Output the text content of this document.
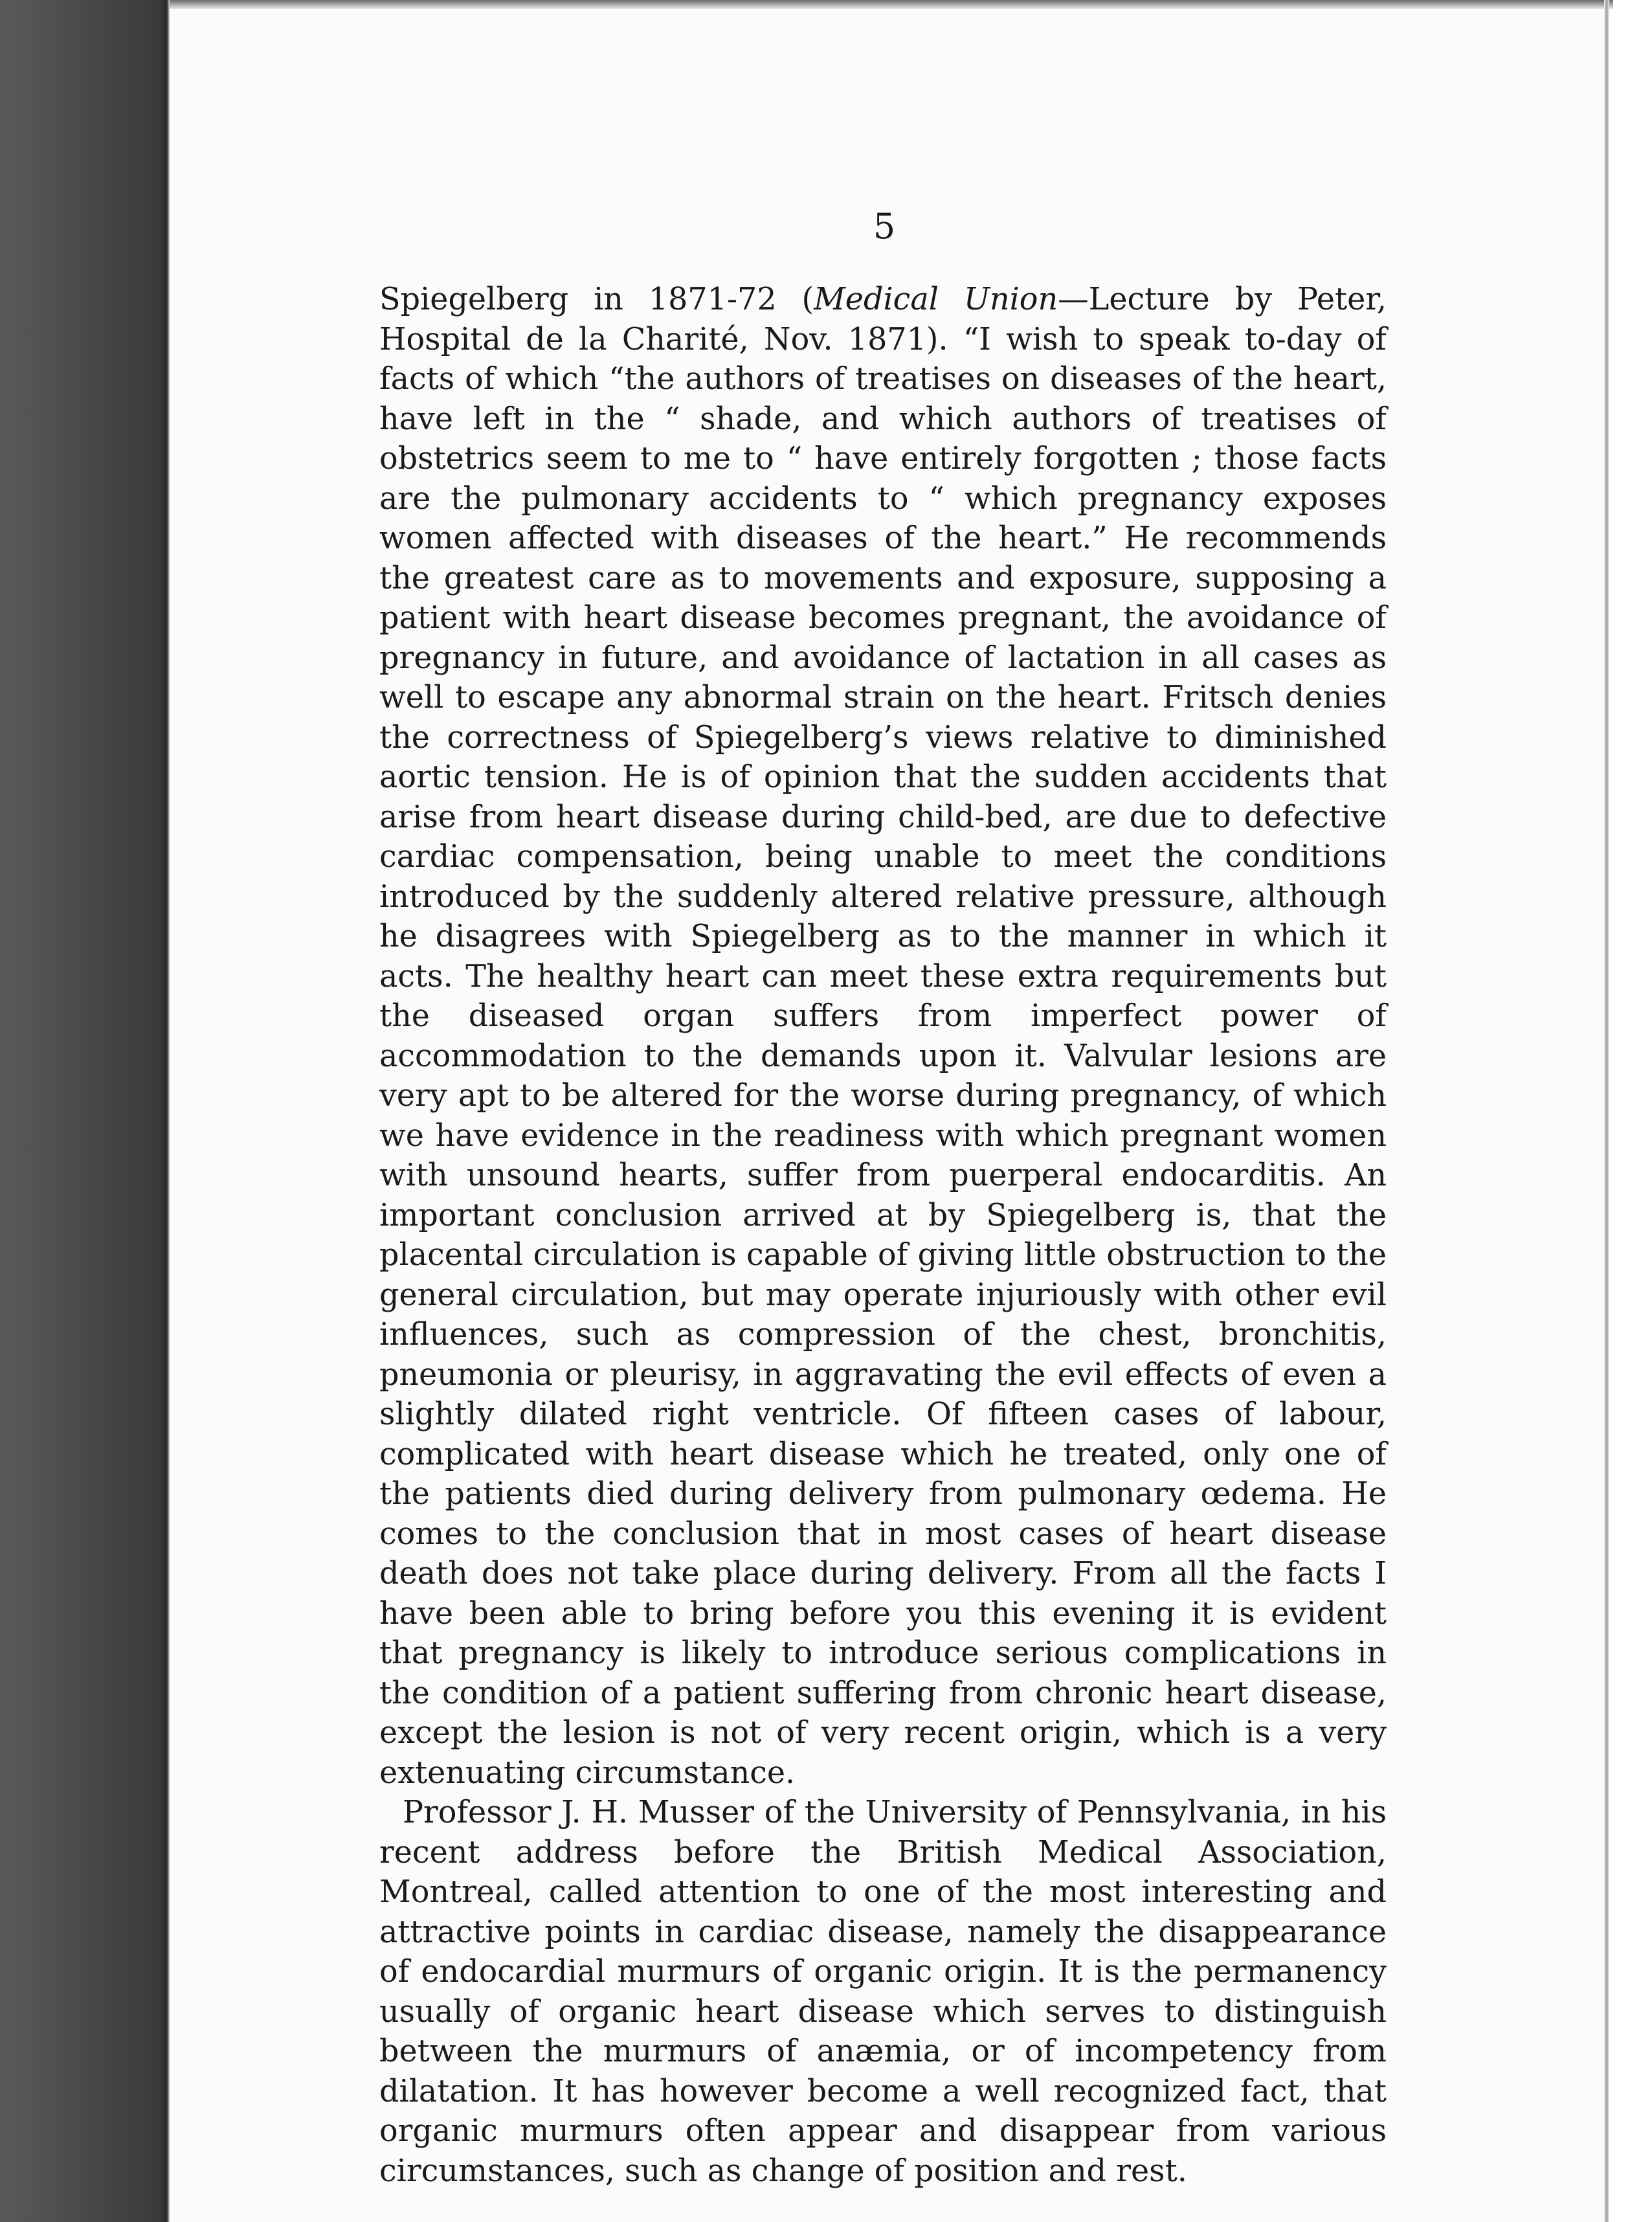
5

Spiegelberg in 1871-72 (Medical Union—Lecture by Peter, Hospital de la Charité, Nov. 1871). “I wish to speak to-day of facts of which “the authors of treatises on diseases of the heart, have left in the “ shade, and which authors of treatises of obstetrics seem to me to “ have entirely forgotten ; those facts are the pulmonary accidents to “ which pregnancy exposes women affected with diseases of the heart.” He recommends the greatest care as to movements and exposure, supposing a patient with heart disease becomes pregnant, the avoidance of pregnancy in future, and avoidance of lactation in all cases as well to escape any abnormal strain on the heart. Fritsch denies the correctness of Spiegelberg’s views relative to diminished aortic tension. He is of opinion that the sudden accidents that arise from heart disease during child-bed, are due to defective cardiac compensation, being unable to meet the conditions introduced by the suddenly altered relative pressure, although he disagrees with Spiegelberg as to the manner in which it acts. The healthy heart can meet these extra requirements but the diseased organ suffers from imperfect power of accommodation to the demands upon it. Valvular lesions are very apt to be altered for the worse during pregnancy, of which we have evidence in the readiness with which pregnant women with unsound hearts, suffer from puerperal endocarditis. An important conclusion arrived at by Spiegelberg is, that the placental circulation is capable of giving little obstruction to the general circulation, but may operate injuriously with other evil influences, such as compression of the chest, bronchitis, pneumonia or pleurisy, in aggravating the evil effects of even a slightly dilated right ventricle. Of fifteen cases of labour, complicated with heart disease which he treated, only one of the patients died during delivery from pulmonary œdema. He comes to the conclusion that in most cases of heart disease death does not take place during delivery. From all the facts I have been able to bring before you this evening it is evident that pregnancy is likely to introduce serious complications in the condition of a patient suffering from chronic heart disease, except the lesion is not of very recent origin, which is a very extenuating circumstance.

Professor J. H. Musser of the University of Pennsylvania, in his recent address before the British Medical Association, Montreal, called attention to one of the most interesting and attractive points in cardiac disease, namely the disappearance of endocardial murmurs of organic origin. It is the permanency usually of organic heart disease which serves to distinguish between the murmurs of anæmia, or of incompetency from dilatation. It has however become a well recognized fact, that organic murmurs often appear and disappear from various circumstances, such as change of position and rest.
